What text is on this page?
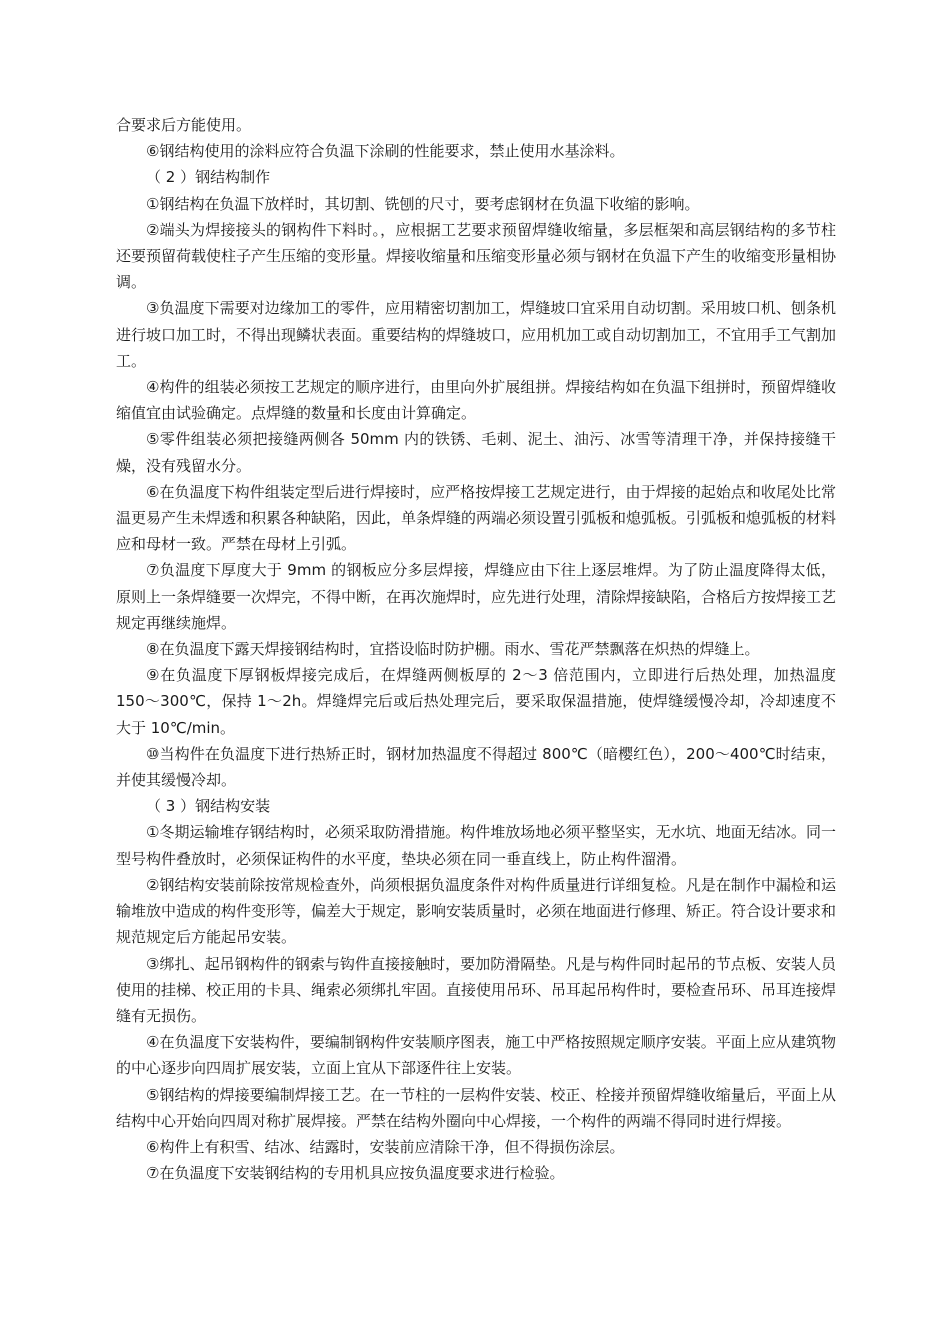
合要求后方能使用。

⑥钢结构使用的涂料应符合负温下涂刷的性能要求，禁止使用水基涂料。

（ 2 ）钢结构制作

①钢结构在负温下放样时，其切割、铣刨的尺寸，要考虑钢材在负温下收缩的影响。

②端头为焊接接头的钢构件下料时。，应根据工艺要求预留焊缝收缩量，多层框架和高层钢结构的多节柱还要预留荷载使柱子产生压缩的变形量。焊接收缩量和压缩变形量必须与钢材在负温下产生的收缩变形量相协调。

③负温度下需要对边缘加工的零件，应用精密切割加工，焊缝坡口宜采用自动切割。采用坡口机、刨条机进行坡口加工时，不得出现鳞状表面。重要结构的焊缝坡口，应用机加工或自动切割加工，不宜用手工气割加工。

④构件的组装必须按工艺规定的顺序进行，由里向外扩展组拼。焊接结构如在负温下组拼时，预留焊缝收缩值宜由试验确定。点焊缝的数量和长度由计算确定。

⑤零件组装必须把接缝两侧各 50mm 内的铁锈、毛刺、泥土、油污、冰雪等清理干净，并保持接缝干燥，没有残留水分。

⑥在负温度下构件组装定型后进行焊接时，应严格按焊接工艺规定进行，由于焊接的起始点和收尾处比常温更易产生未焊透和积累各种缺陷，因此，单条焊缝的两端必须设置引弧板和熄弧板。引弧板和熄弧板的材料应和母材一致。严禁在母材上引弧。

⑦负温度下厚度大于 9mm 的钢板应分多层焊接，焊缝应由下往上逐层堆焊。为了防止温度降得太低，原则上一条焊缝要一次焊完，不得中断，在再次施焊时，应先进行处理，清除焊接缺陷，合格后方按焊接工艺规定再继续施焊。

⑧在负温度下露天焊接钢结构时，宜搭设临时防护棚。雨水、雪花严禁飘落在炽热的焊缝上。

⑨在负温度下厚钢板焊接完成后，在焊缝两侧板厚的 2～3 倍范围内，立即进行后热处理，加热温度 150～300℃，保持 1～2h。焊缝焊完后或后热处理完后，要采取保温措施，使焊缝缓慢冷却，冷却速度不大于 10℃/min。

⑩当构件在负温度下进行热矫正时，钢材加热温度不得超过 800℃（暗樱红色），200～400℃时结束，并使其缓慢冷却。

（ 3 ）钢结构安装

①冬期运输堆存钢结构时，必须采取防滑措施。构件堆放场地必须平整坚实，无水坑、地面无结冰。同一型号构件叠放时，必须保证构件的水平度，垫块必须在同一垂直线上，防止构件溜滑。

②钢结构安装前除按常规检查外，尚须根据负温度条件对构件质量进行详细复检。凡是在制作中漏检和运输堆放中造成的构件变形等，偏差大于规定，影响安装质量时，必须在地面进行修理、矫正。符合设计要求和规范规定后方能起吊安装。

③绑扎、起吊钢构件的钢索与钩件直接接触时，要加防滑隔垫。凡是与构件同时起吊的节点板、安装人员使用的挂梯、校正用的卡具、绳索必须绑扎牢固。直接使用吊环、吊耳起吊构件时，要检查吊环、吊耳连接焊缝有无损伤。

④在负温度下安装构件，要编制钢构件安装顺序图表，施工中严格按照规定顺序安装。平面上应从建筑物的中心逐步向四周扩展安装，立面上宜从下部逐件往上安装。

⑤钢结构的焊接要编制焊接工艺。在一节柱的一层构件安装、校正、栓接并预留焊缝收缩量后，平面上从结构中心开始向四周对称扩展焊接。严禁在结构外圈向中心焊接，一个构件的两端不得同时进行焊接。

⑥构件上有积雪、结冰、结露时，安装前应清除干净，但不得损伤涂层。

⑦在负温度下安装钢结构的专用机具应按负温度要求进行检验。
